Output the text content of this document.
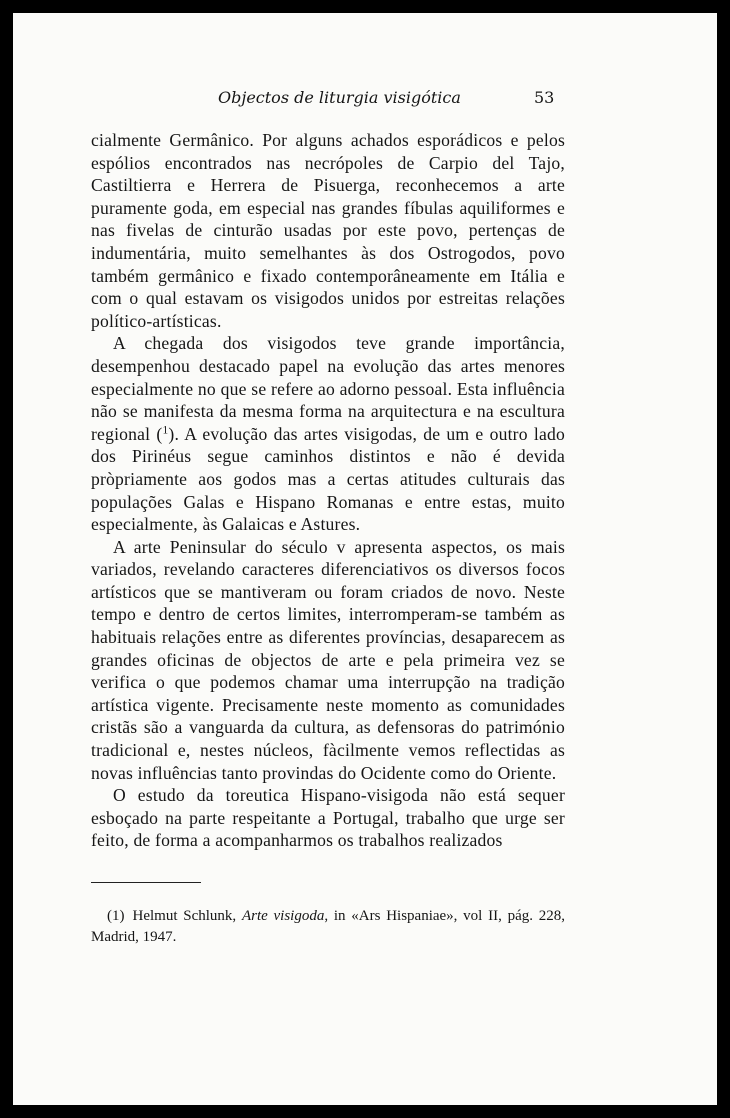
Objectos de liturgia visigótica	53

cialmente Germânico. Por alguns achados esporádicos e pelos espólios encontrados nas necrópoles de Carpio del Tajo, Castiltierra e Herrera de Pisuerga, reconhecemos a arte puramente goda, em especial nas grandes fíbulas aquiliformes e nas fivelas de cinturão usadas por este povo, pertenças de indumentária, muito semelhantes às dos Ostrogodos, povo também germânico e fixado contemporâneamente em Itália e com o qual estavam os visigodos unidos por estreitas relações político-artísticas.

A chegada dos visigodos teve grande importância, desempenhou destacado papel na evolução das artes menores especialmente no que se refere ao adorno pessoal. Esta influência não se manifesta da mesma forma na arquitectura e na escultura regional ($^1$). A evolução das artes visigodas, de um e outro lado dos Pirinéus segue caminhos distintos e não é devida pròpriamente aos godos mas a certas atitudes culturais das populações Galas e Hispano Romanas e entre estas, muito especialmente, às Galaicas e Astures.

A arte Peninsular do século v apresenta aspectos, os mais variados, revelando caracteres diferenciativos os diversos focos artísticos que se mantiveram ou foram criados de novo. Neste tempo e dentro de certos limites, interromperam-se também as habituais relações entre as diferentes províncias, desaparecem as grandes oficinas de objectos de arte e pela primeira vez se verifica o que podemos chamar uma interrupção na tradição artística vigente. Precisamente neste momento as comunidades cristãs são a vanguarda da cultura, as defensoras do património tradicional e, nestes núcleos, fàcilmente vemos reflectidas as novas influências tanto provindas do Ocidente como do Oriente.

O estudo da toreutica Hispano-visigoda não está sequer esboçado na parte respeitante a Portugal, trabalho que urge ser feito, de forma a acompanharmos os trabalhos realizados

(1) Helmut Schlunk, Arte visigoda, in «Ars Hispaniae», vol II, pág. 228, Madrid, 1947.
